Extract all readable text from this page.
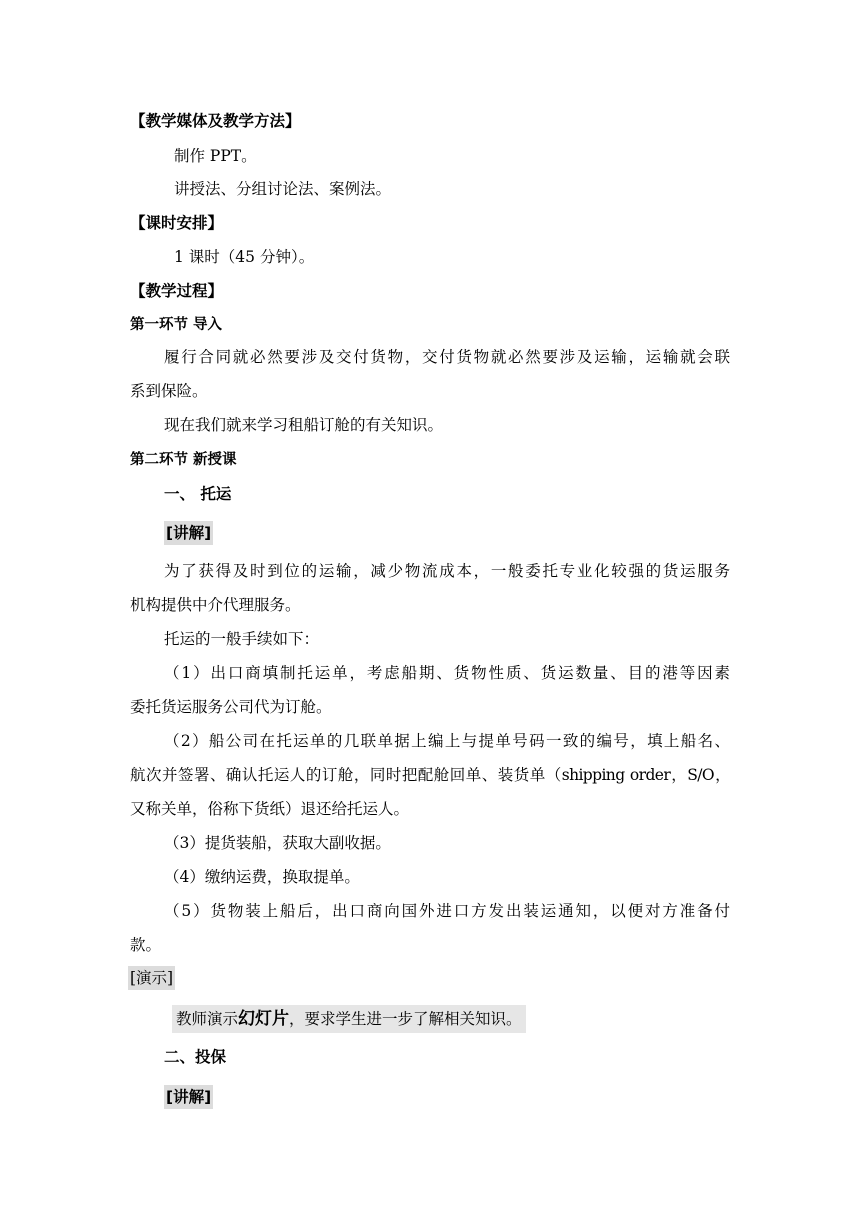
【教学媒体及教学方法】
制作 PPT。
讲授法、分组讨论法、案例法。
【课时安排】
1 课时（45 分钟）。
【教学过程】
第一环节 导入
履行合同就必然要涉及交付货物，交付货物就必然要涉及运输，运输就会联
系到保险。
现在我们就来学习租船订舱的有关知识。
第二环节 新授课
一、 托运
[讲解]
为了获得及时到位的运输，减少物流成本，一般委托专业化较强的货运服务
机构提供中介代理服务。
托运的一般手续如下：
（1）出口商填制托运单，考虑船期、货物性质、货运数量、目的港等因素
委托货运服务公司代为订舱。
（2）船公司在托运单的几联单据上编上与提单号码一致的编号，填上船名、
航次并签署、确认托运人的订舱，同时把配舱回单、装货单（shipping order，S/O，
又称关单，俗称下货纸）退还给托运人。
（3）提货装船，获取大副收据。
（4）缴纳运费，换取提单。
（5）货物装上船后，出口商向国外进口方发出装运通知，以便对方准备付
款。
[演示]
教师演示幻灯片，要求学生进一步了解相关知识。
二、投保
[讲解]
